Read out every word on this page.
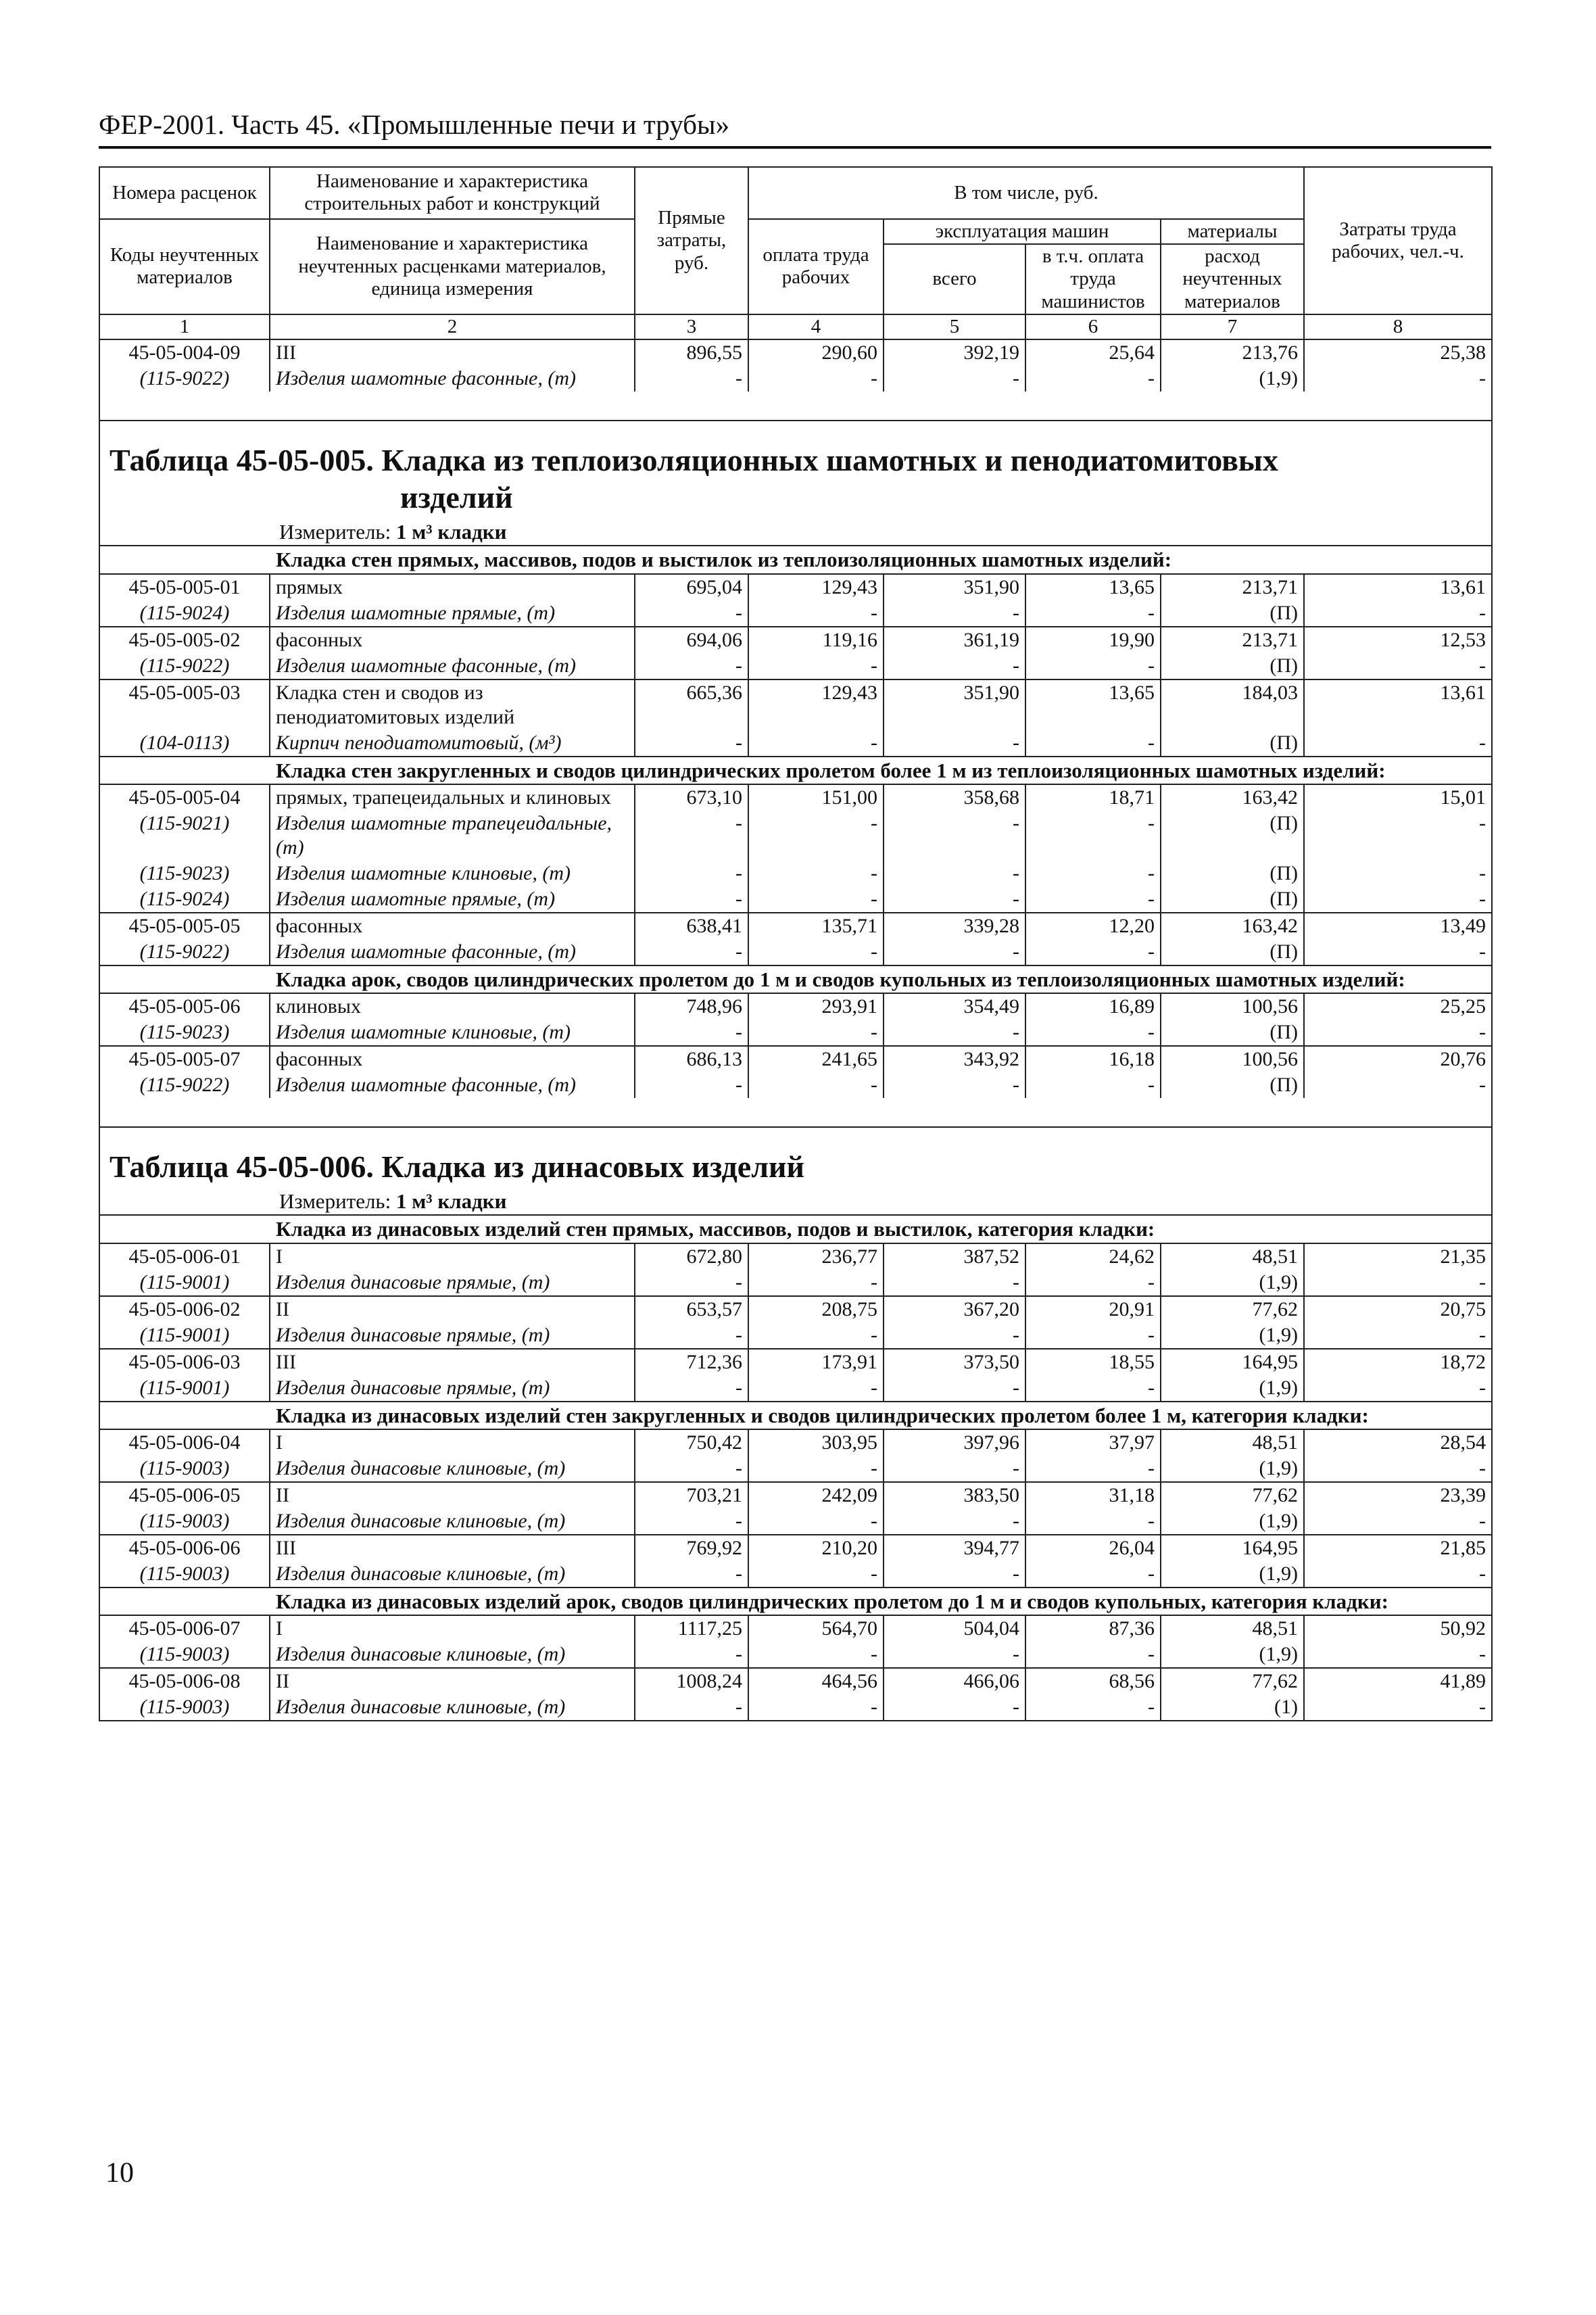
ФЕР-2001. Часть 45. «Промышленные печи и трубы»
Номера расценок	Наименование и характеристика строительных работ и конструкций	Прямые затраты, руб.	В том числе, руб.				Затраты труда рабочих, чел.-ч.
Коды неучтенных материалов	Наименование и характеристика неучтенных расценками материалов, единица измерения		оплата труда рабочих	эксплуатация машин		материалы	
				всего	в т.ч. оплата труда машинистов	расход неучтенных материалов	
1	2	3	4	5	6	7	8
45-05-004-09	III	896,55	290,60	392,19	25,64	213,76	25,38
(115-9022)	Изделия шамотные фасонные, (т)	-	-	-	-	(1,9)	-

Таблица 45-05-005. Кладка из теплоизоляционных шамотных и пенодиатомитовых
изделий							

Измеритель: 1 м³ кладки							
Кладка стен прямых, массивов, подов и выстилок из теплоизоляционных шамотных изделий:							
45-05-005-01	прямых	695,04	129,43	351,90	13,65	213,71	13,61
(115-9024)	Изделия шамотные прямые, (т)	-	-	-	-	(П)	-
45-05-005-02	фасонных	694,06	119,16	361,19	19,90	213,71	12,53
(115-9022)	Изделия шамотные фасонные, (т)	-	-	-	-	(П)	-
45-05-005-03	Кладка стен и сводов из пенодиатомитовых изделий	665,36	129,43	351,90	13,65	184,03	13,61
(104-0113)	Кирпич пенодиатомитовый, (м³)	-	-	-	-	(П)	-
Кладка стен закругленных и сводов цилиндрических пролетом более 1 м из теплоизоляционных шамотных изделий:							
45-05-005-04	прямых, трапецеидальных и клиновых	673,10	151,00	358,68	18,71	163,42	15,01
(115-9021)	Изделия шамотные трапецеидальные, (т)	-	-	-	-	(П)	-
(115-9023)	Изделия шамотные клиновые, (т)	-	-	-	-	(П)	-
(115-9024)	Изделия шамотные прямые, (т)	-	-	-	-	(П)	-
45-05-005-05	фасонных	638,41	135,71	339,28	12,20	163,42	13,49
(115-9022)	Изделия шамотные фасонные, (т)	-	-	-	-	(П)	-
Кладка арок, сводов цилиндрических пролетом до 1 м и сводов купольных из теплоизоляционных шамотных изделий:							
45-05-005-06	клиновых	748,96	293,91	354,49	16,89	100,56	25,25
(115-9023)	Изделия шамотные клиновые, (т)	-	-	-	-	(П)	-
45-05-005-07	фасонных	686,13	241,65	343,92	16,18	100,56	20,76
(115-9022)	Изделия шамотные фасонные, (т)	-	-	-	-	(П)	-

Таблица 45-05-006. Кладка из динасовых изделий							
Измеритель: 1 м³ кладки							
Кладка из динасовых изделий стен прямых, массивов, подов и выстилок, категория кладки:							
45-05-006-01	I	672,80	236,77	387,52	24,62	48,51	21,35
(115-9001)	Изделия динасовые прямые, (т)	-	-	-	-	(1,9)	-
45-05-006-02	II	653,57	208,75	367,20	20,91	77,62	20,75
(115-9001)	Изделия динасовые прямые, (т)	-	-	-	-	(1,9)	-
45-05-006-03	III	712,36	173,91	373,50	18,55	164,95	18,72
(115-9001)	Изделия динасовые прямые, (т)	-	-	-	-	(1,9)	-
Кладка из динасовых изделий стен закругленных и сводов цилиндрических пролетом более 1 м, категория кладки:							
45-05-006-04	I	750,42	303,95	397,96	37,97	48,51	28,54
(115-9003)	Изделия динасовые клиновые, (т)	-	-	-	-	(1,9)	-
45-05-006-05	II	703,21	242,09	383,50	31,18	77,62	23,39
(115-9003)	Изделия динасовые клиновые, (т)	-	-	-	-	(1,9)	-
45-05-006-06	III	769,92	210,20	394,77	26,04	164,95	21,85
(115-9003)	Изделия динасовые клиновые, (т)	-	-	-	-	(1,9)	-
Кладка из динасовых изделий арок, сводов цилиндрических пролетом до 1 м и сводов купольных, категория кладки:							
45-05-006-07	I	1117,25	564,70	504,04	87,36	48,51	50,92
(115-9003)	Изделия динасовые клиновые, (т)	-	-	-	-	(1,9)	-
45-05-006-08	II	1008,24	464,56	466,06	68,56	77,62	41,89
(115-9003)	Изделия динасовые клиновые, (т)	-	-	-	-	(1)	-
10
